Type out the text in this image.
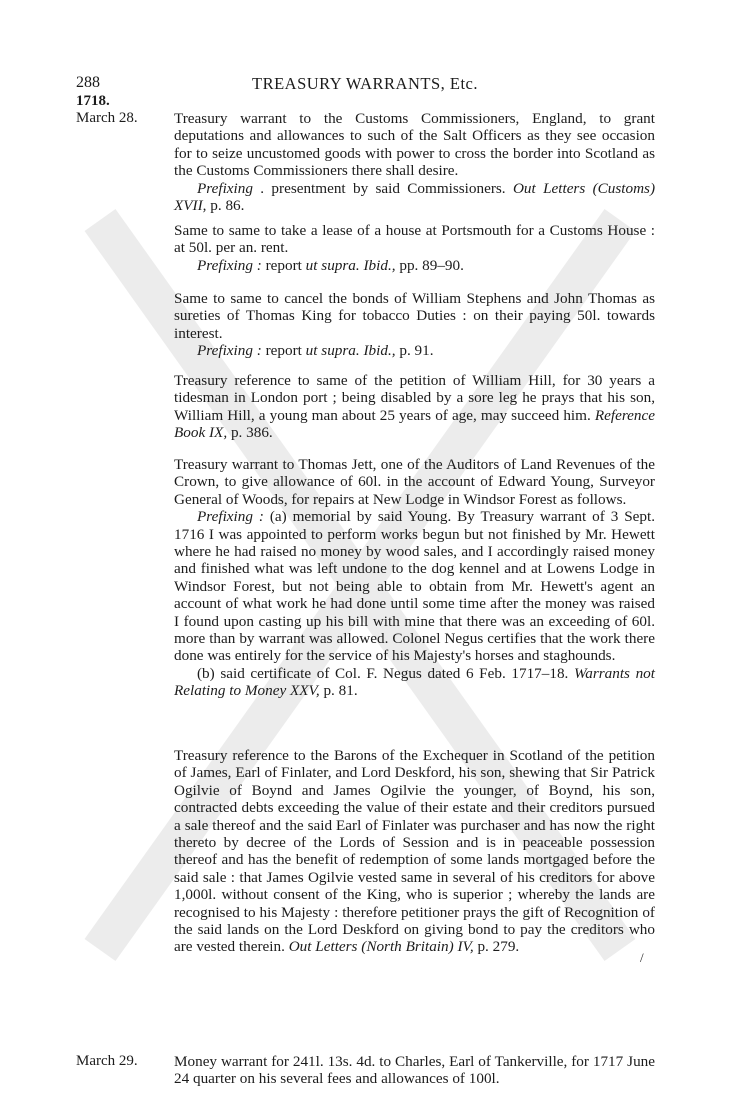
288	TREASURY WARRANTS, Etc.
1718.
March 28. Treasury warrant to the Customs Commissioners, England, to grant deputations and allowances to such of the Salt Officers as they see occasion for to seize uncustomed goods with power to cross the border into Scotland as the Customs Commissioners there shall desire.

Prefixing . presentment by said Commissioners. Out Letters (Customs) XVII, p. 86.

Same to same to take a lease of a house at Portsmouth for a Customs House : at 50l. per an. rent.

Prefixing : report ut supra. Ibid., pp. 89–90.

Same to same to cancel the bonds of William Stephens and John Thomas as sureties of Thomas King for tobacco Duties : on their paying 50l. towards interest.

Prefixing : report ut supra. Ibid., p. 91.

Treasury reference to same of the petition of William Hill, for 30 years a tidesman in London port ; being disabled by a sore leg he prays that his son, William Hill, a young man about 25 years of age, may succeed him. Reference Book IX, p. 386.

Treasury warrant to Thomas Jett, one of the Auditors of Land Revenues of the Crown, to give allowance of 60l. in the account of Edward Young, Surveyor General of Woods, for repairs at New Lodge in Windsor Forest as follows.

Prefixing : (a) memorial by said Young. By Treasury warrant of 3 Sept. 1716 I was appointed to perform works begun but not finished by Mr. Hewett where he had raised no money by wood sales, and I accordingly raised money and finished what was left undone to the dog kennel and at Lowens Lodge in Windsor Forest, but not being able to obtain from Mr. Hewett's agent an account of what work he had done until some time after the money was raised I found upon casting up his bill with mine that there was an exceeding of 60l. more than by warrant was allowed. Colonel Negus certifies that the work there done was entirely for the service of his Majesty's horses and staghounds.

(b) said certificate of Col. F. Negus dated 6 Feb. 1717–18. Warrants not Relating to Money XXV, p. 81.

Treasury reference to the Barons of the Exchequer in Scotland of the petition of James, Earl of Finlater, and Lord Deskford, his son, shewing that Sir Patrick Ogilvie of Boynd and James Ogilvie the younger, of Boynd, his son, contracted debts exceeding the value of their estate and their creditors pursued a sale thereof and the said Earl of Finlater was purchaser and has now the right thereto by decree of the Lords of Session and is in peaceable possession thereof and has the benefit of redemption of some lands mortgaged before the said sale : that James Ogilvie vested same in several of his creditors for above 1,000l. without consent of the King, who is superior ; whereby the lands are recognised to his Majesty : therefore petitioner prays the gift of Recognition of the said lands on the Lord Deskford on giving bond to pay the creditors who are vested therein. Out Letters (North Britain) IV, p. 279.

/
March 29. Money warrant for 241l. 13s. 4d. to Charles, Earl of Tankerville, for 1717 June 24 quarter on his several fees and allowances of 100l.
